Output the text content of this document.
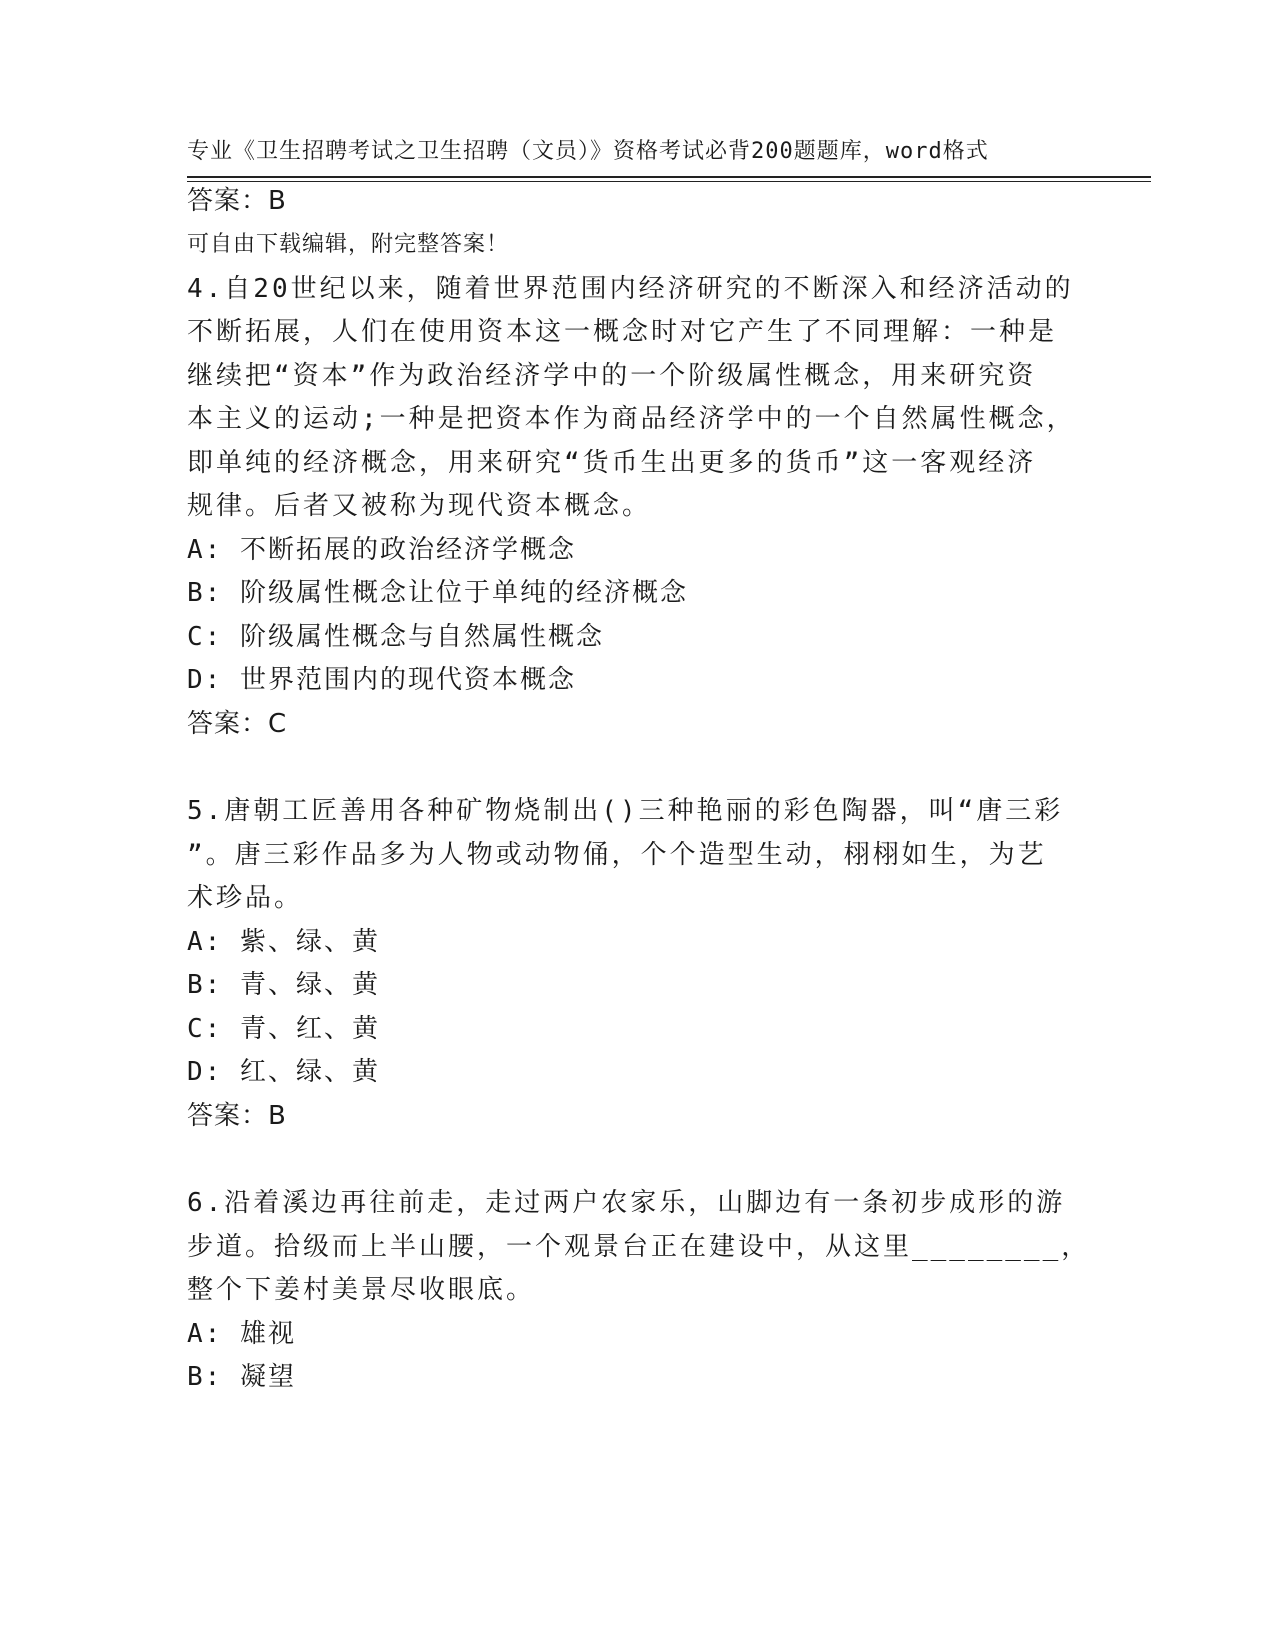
专业《卫生招聘考试之卫生招聘（文员）》资格考试必背200题题库，word格式

可自由下载编辑，附完整答案！

答案：B
4.自20世纪以来，随着世界范围内经济研究的不断深入和经济活动的
不断拓展，人们在使用资本这一概念时对它产生了不同理解：一种是
继续把“资本”作为政治经济学中的一个阶级属性概念，用来研究资
本主义的运动;一种是把资本作为商品经济学中的一个自然属性概念，
即单纯的经济概念，用来研究“货币生出更多的货币”这一客观经济
规律。后者又被称为现代资本概念。
A: 不断拓展的政治经济学概念
B: 阶级属性概念让位于单纯的经济概念
C: 阶级属性概念与自然属性概念
D: 世界范围内的现代资本概念
答案：C
5.唐朝工匠善用各种矿物烧制出()三种艳丽的彩色陶器，叫“唐三彩
”。唐三彩作品多为人物或动物俑，个个造型生动，栩栩如生，为艺
术珍品。
A: 紫、绿、黄
B: 青、绿、黄
C: 青、红、黄
D: 红、绿、黄
答案：B
6.沿着溪边再往前走，走过两户农家乐，山脚边有一条初步成形的游
步道。拾级而上半山腰，一个观景台正在建设中，从这里________，
整个下姜村美景尽收眼底。
A: 雄视
B: 凝望
